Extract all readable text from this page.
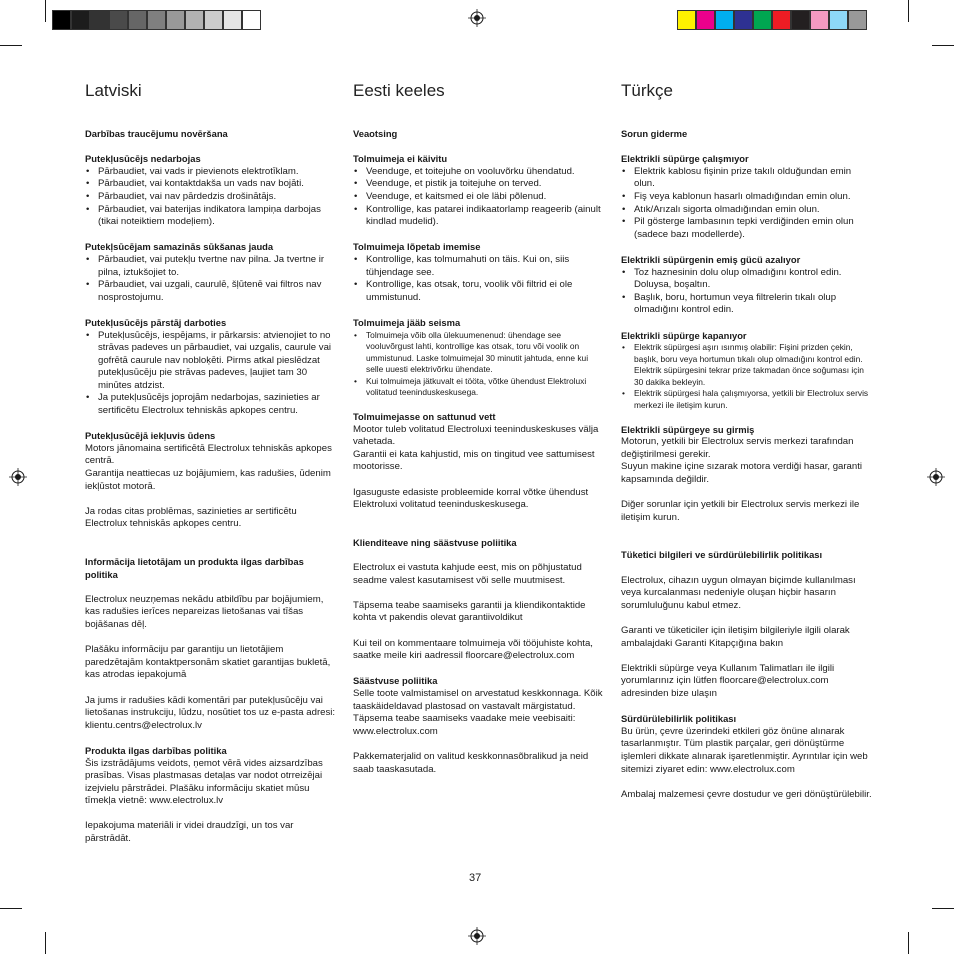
Latviski
Darbības traucējumu novēršana
Putekļusūcējs nedarbojas
• Pārbaudiet, vai vads ir pievienots elektrotīklam.
• Pārbaudiet, vai kontaktdakša un vads nav bojāti.
• Pārbaudiet, vai nav pārdedzis drošinātājs.
• Pārbaudiet, vai baterijas indikatora lampiņa darbojas (tikai noteiktiem modeļiem).
Putekļsūcējam samazinās sūkšanas jauda
• Pārbaudiet, vai putekļu tvertne nav pilna. Ja tvertne ir pilna, iztukšojiet to.
• Pārbaudiet, vai uzgali, caurulē, šļūtenē vai filtros nav nosprostojumu.
Putekļusūcējs pārstāj darboties
• Putekļusūcējs, iespējams, ir pārkarsis: atvienojiet to no strāvas padeves un pārbaudiet, vai uzgalis, caurule vai gofrētā caurule nav nobloķēti. Pirms atkal pieslēdzat putekļusūcēju pie strāvas padeves, ļaujiet tam 30 minūtes atdzist.
• Ja putekļusūcējs joprojām nedarbojas, sazinieties ar sertificētu Electrolux tehniskās apkopes centru.
Putekļusūcējā iekļuvis ūdens

Motors jānomaina sertificētā Electrolux tehniskās apkopes centrā.

Garantija neattiecas uz bojājumiem, kas radušies, ūdenim iekļūstot motorā.

Ja rodas citas problēmas, sazinieties ar sertificētu Electrolux tehniskās apkopes centru.

Informācija lietotājam un produkta ilgas darbības politika

Electrolux neuzņemas nekādu atbildību par bojājumiem, kas radušies ierīces nepareizas lietošanas vai tīšas bojāšanas dēļ.

Plašāku informāciju par garantiju un lietotājiem paredzētajām kontaktpersonām skatiet garantijas bukletā, kas atrodas iepakojumā

Ja jums ir radušies kādi komentāri par putekļusūcēju vai lietošanas instrukciju, lūdzu, nosūtiet tos uz e-pasta adresi: klientu.centrs@electrolux.lv

Produkta ilgas darbības politika

Šis izstrādājums veidots, ņemot vērā vides aizsardzības prasības. Visas plastmasas detaļas var nodot otrreizējai izejvielu pārstrādei. Plašāku informāciju skatiet mūsu tīmekļa vietnē: www.electrolux.lv

Iepakojuma materiāli ir videi draudzīgi, un tos var pārstrādāt.

Eesti keeles
Veaotsing
Tolmuimeja ei käivitu
• Veenduge, et toitejuhe on vooluvõrku ühendatud.
• Veenduge, et pistik ja toitejuhe on terved.
• Veenduge, et kaitsmed ei ole läbi põlenud.
• Kontrollige, kas patarei indikaatorlamp reageerib (ainult kindlad mudelid).
Tolmuimeja lõpetab imemise
• Kontrollige, kas tolmumahuti on täis. Kui on, siis tühjendage see.
• Kontrollige, kas otsak, toru, voolik või filtrid ei ole ummistunud.
Tolmuimeja jääb seisma
• Tolmuimeja võib olla ülekuumenenud: ühendage see vooluvõrgust lahti, kontrollige kas otsak, toru või voolik on ummistunud. Laske tolmuimejal 30 minutit jahtuda, enne kui selle uuesti elektrivõrku ühendate.
• Kui tolmuimeja jätkuvalt ei tööta, võtke ühendust Elektroluxi volitatud teeninduskeskusega.
Tolmuimejasse on sattunud vett

Mootor tuleb volitatud Electroluxi teeninduskeskuses välja vahetada.

Garantii ei kata kahjustid, mis on tingitud vee sattumisest mootorisse.

Igasuguste edasiste probleemide korral võtke ühendust Elektroluxi volitatud teeninduskeskusega.

Klienditeave ning säästvuse poliitika

Electrolux ei vastuta kahjude eest, mis on põhjustatud seadme valest kasutamisest või selle muutmisest.

Täpsema teabe saamiseks garantii ja kliendikontaktide kohta vt pakendis olevat garantiivoldikut

Kui teil on kommentaare tolmuimeja või tööjuhiste kohta, saatke meile kiri aadressil floorcare@electrolux.com

Säästvuse poliitika

Selle toote valmistamisel on arvestatud keskkonnaga. Kõik taaskäideldavad plastosad on vastavalt märgistatud. Täpsema teabe saamiseks vaadake meie veebisaiti: www.electrolux.com

Pakkematerjalid on valitud keskkonnasõbralikud ja neid saab taaskasutada.

Türkçe
Sorun giderme
Elektrikli süpürge çalışmıyor
• Elektrik kablosu fişinin prize takılı olduğundan emin olun.
• Fiş veya kablonun hasarlı olmadığından emin olun.
• Atık/Arızalı sigorta olmadığından emin olun.
• Pil gösterge lambasının tepki verdiğinden emin olun (sadece bazı modellerde).
Elektrikli süpürgenin emiş gücü azalıyor
• Toz haznesinin dolu olup olmadığını kontrol edin. Doluysa, boşaltın.
• Başlık, boru, hortumun veya filtrelerin tıkalı olup olmadığını kontrol edin.
Elektrikli süpürge kapanıyor
• Elektrik süpürgesi aşırı ısınmış olabilir: Fişini prizden çekin, başlık, boru veya hortumun tıkalı olup olmadığını kontrol edin. Elektrik süpürgesini tekrar prize takmadan önce soğuması için 30 dakika bekleyin.
• Elektrik süpürgesi hala çalışmıyorsa, yetkili bir Electrolux servis merkezi ile iletişim kurun.
Elektrikli süpürgeye su girmiş

Motorun, yetkili bir Electrolux servis merkezi tarafından değiştirilmesi gerekir.

Suyun makine içine sızarak motora verdiği hasar, garanti kapsamında değildir.

Diğer sorunlar için yetkili bir Electrolux servis merkezi ile iletişim kurun.

Tüketici bilgileri ve sürdürülebilirlik politikası

Electrolux, cihazın uygun olmayan biçimde kullanılması veya kurcalanması nedeniyle oluşan hiçbir hasarın sorumluluğunu kabul etmez.

Garanti ve tüketiciler için iletişim bilgileriyle ilgili olarak ambalajdaki Garanti Kitapçığına bakın

Elektrikli süpürge veya Kullanım Talimatları ile ilgili yorumlarınız için lütfen floorcare@electrolux.com adresinden bize ulaşın

Sürdürülebilirlik politikası

Bu ürün, çevre üzerindeki etkileri göz önüne alınarak tasarlanmıştır. Tüm plastik parçalar, geri dönüştürme işlemleri dikkate alınarak işaretlenmiştir. Ayrıntılar için web sitemizi ziyaret edin: www.electrolux.com

Ambalaj malzemesi çevre dostudur ve geri dönüştürülebilir.

37
